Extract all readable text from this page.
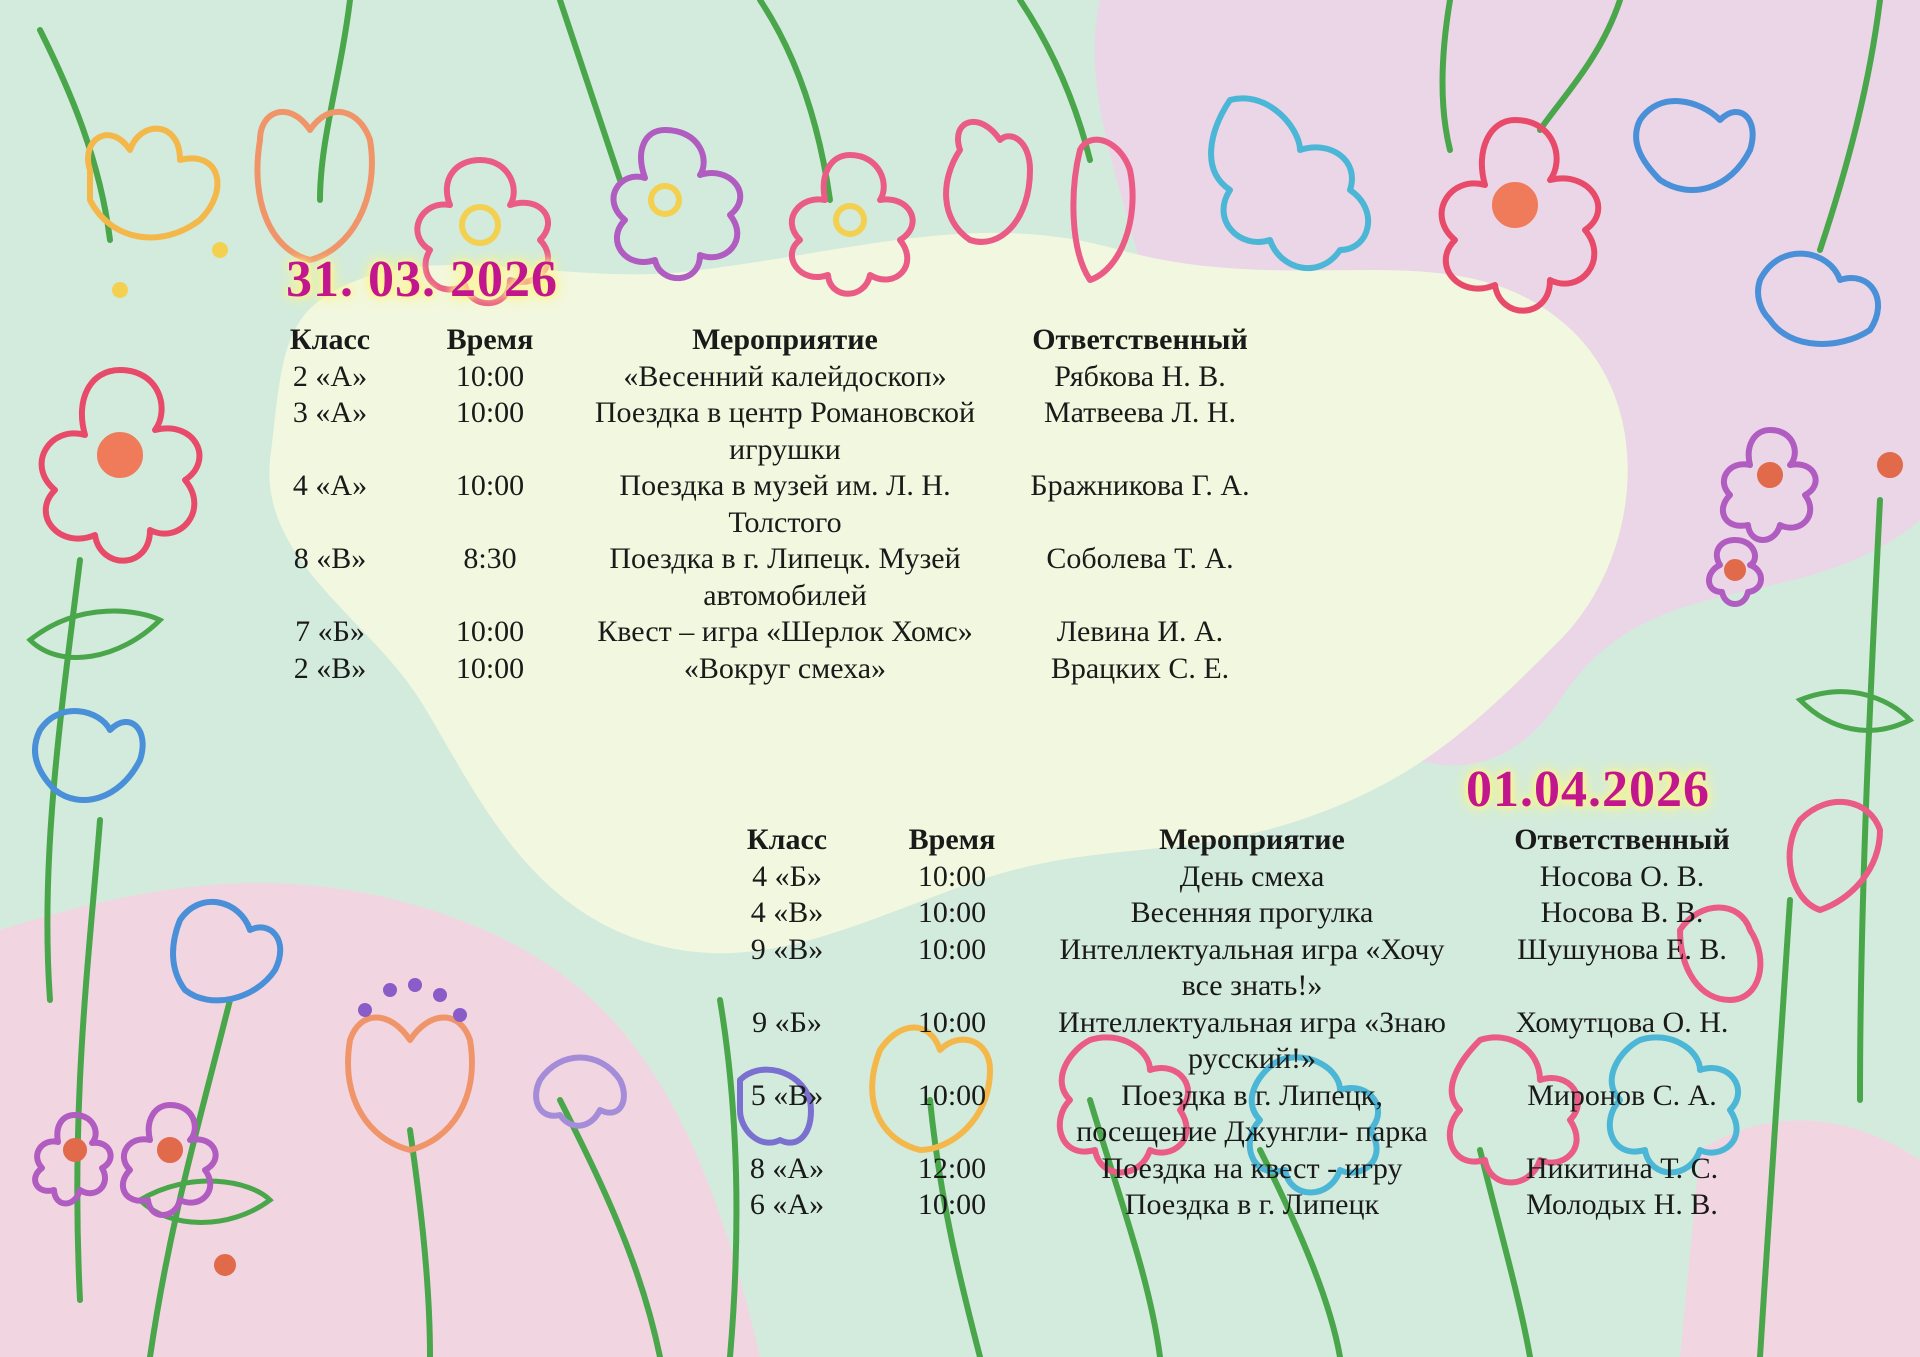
31. 03. 2026
Класс	Время	Мероприятие	Ответственный
2 «А»	10:00	«Весенний калейдоскоп»	Рябкова Н. В.
3 «А»	10:00	Поездка в центр Романовской игрушки	Матвеева Л. Н.
4 «А»	10:00	Поездка в музей им. Л. Н. Толстого	Бражникова Г. А.
8 «В»	8:30	Поездка в г. Липецк. Музей автомобилей	Соболева Т. А.
7 «Б»	10:00	Квест – игра «Шерлок Хомс»	Левина И. А.
2 «В»	10:00	«Вокруг смеха»	Врацких С. Е.
01.04.2026
Класс	Время	Мероприятие	Ответственный
4 «Б»	10:00	День смеха	Носова О. В.
4 «В»	10:00	Весенняя прогулка	Носова В. В.
9 «В»	10:00	Интеллектуальная игра «Хочу все знать!»	Шушунова Е. В.
9 «Б»	10:00	Интеллектуальная игра «Знаю русский!»	Хомутцова О. Н.
5 «В»	10:00	Поездка в г. Липецк, посещение Джунгли- парка	Миронов С. А.
8 «А»	12:00	Поездка на квест - игру	Никитина Т. С.
6 «А»	10:00	Поездка в г. Липецк	Молодых Н. В.
